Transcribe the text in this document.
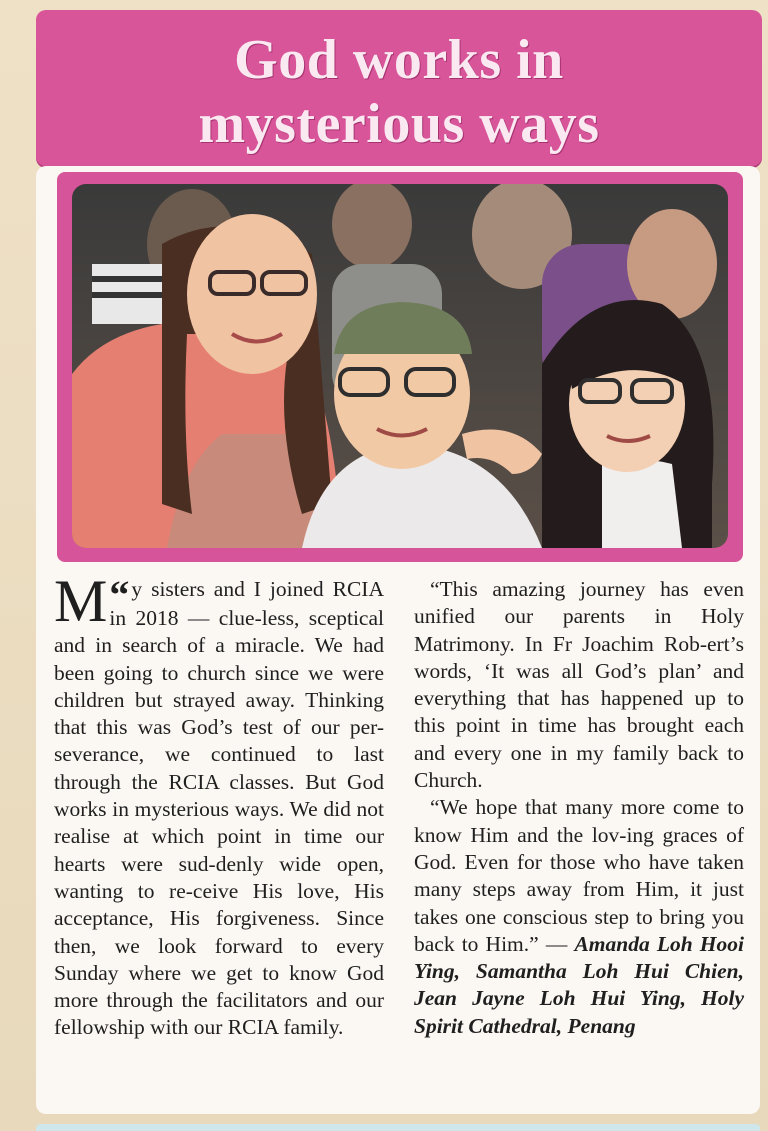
God works in
mysterious ways

“
M y sisters and I joined RCIA in 2018 — clue-less, sceptical and in search of a miracle. We had been going to church since we were children but strayed away. Thinking that this was God’s test of our per-severance, we continued to last through the RCIA classes. But God works in mysterious ways. We did not realise at which point in time our hearts were sud-denly wide open, wanting to re-ceive His love, His acceptance, His forgiveness. Since then, we look forward to every Sunday where we get to know God more through the facilitators and our fellowship with our RCIA family.

“This amazing journey has even unified our parents in Holy Matrimony. In Fr Joachim Rob-ert’s words, ‘It was all God’s plan’ and everything that has happened up to this point in time has brought each and every one in my family back to Church.

“We hope that many more come to know Him and the lov-ing graces of God. Even for those who have taken many steps away from Him, it just takes one conscious step to bring you back to Him.” — Amanda Loh Hooi Ying, Samantha Loh Hui Chien, Jean Jayne Loh Hui Ying, Holy Spirit Cathedral, Penang
